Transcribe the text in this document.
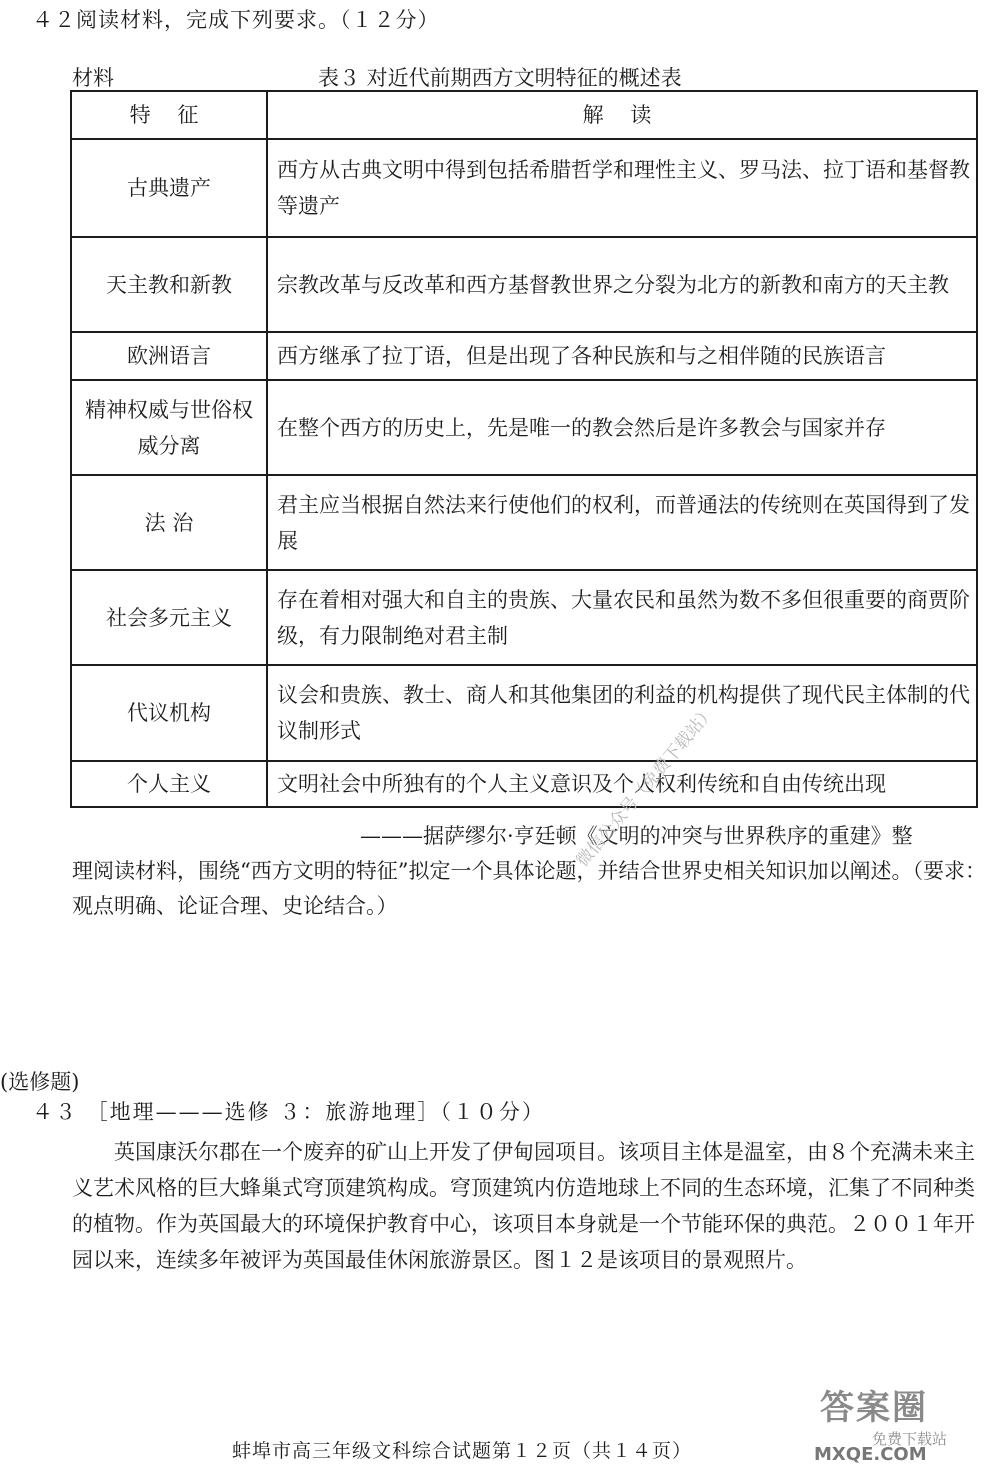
４２阅读材料，完成下列要求。（１２分）
材料	表３ 对近代前期西方文明特征的概述表
特 征	解 读
古典遗产	西方从古典文明中得到包括希腊哲学和理性主义、罗马法、拉丁语和基督教等遗产
天主教和新教	宗教改革与反改革和西方基督教世界之分裂为北方的新教和南方的天主教
欧洲语言	西方继承了拉丁语，但是出现了各种民族和与之相伴随的民族语言
精神权威与世俗权威分离	在整个西方的历史上，先是唯一的教会然后是许多教会与国家并存
法 治	君主应当根据自然法来行使他们的权利，而普通法的传统则在英国得到了发展
社会多元主义	存在着相对强大和自主的贵族、大量农民和虽然为数不多但很重要的商贾阶级，有力限制绝对君主制
代议机构	议会和贵族、教士、商人和其他集团的利益的机构提供了现代民主体制的代议制形式
个人主义	文明社会中所独有的个人主义意识及个人权利传统和自由传统出现
———据萨缪尔·亨廷顿《文明的冲突与世界秩序的重建》整
理阅读材料，围绕“西方文明的特征”拟定一个具体论题，并结合世界史相关知识加以阐述。（要求：观点明确、论证合理、史论结合。）
微信公众号（免费下载站）
(选修题)
４３ ［地理———选修 ３：旅游地理］（１０分）
英国康沃尔郡在一个废弃的矿山上开发了伊甸园项目。该项目主体是温室，由８个充满未来主义艺术风格的巨大蜂巢式穹顶建筑构成。穹顶建筑内仿造地球上不同的生态环境，汇集了不同种类的植物。作为英国最大的环境保护教育中心，该项目本身就是一个节能环保的典范。２００１年开园以来，连续多年被评为英国最佳休闲旅游景区。图１２是该项目的景观照片。
答案圈
免费下载站
MXQE.COM
蚌埠市高三年级文科综合试题第１２页（共１４页）
